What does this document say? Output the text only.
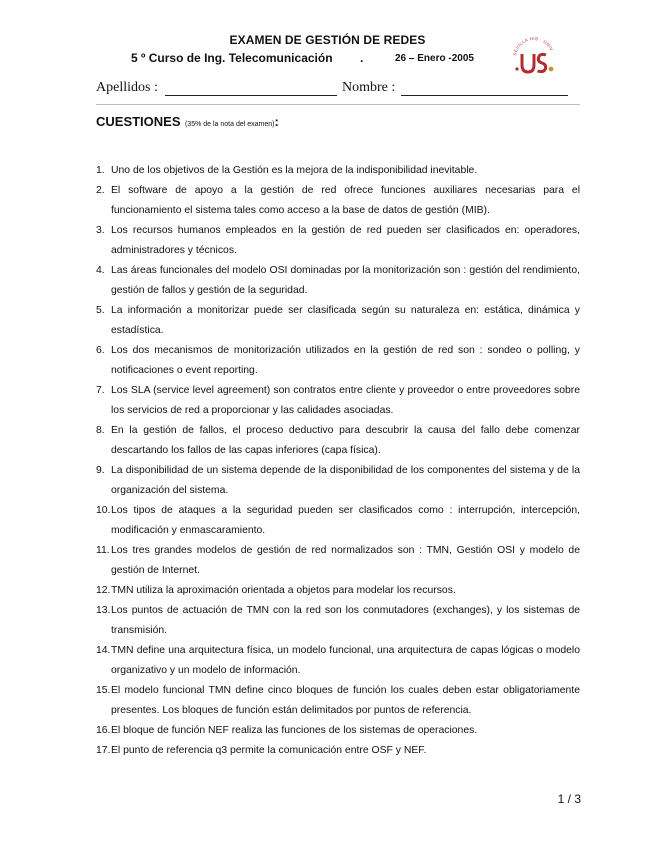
EXAMEN DE GESTIÓN DE REDES
5 º Curso de Ing. Telecomunicación .	26 – Enero -2005	SEVILLA HIS · UNIV
US
Apellidos :	Nombre :
CUESTIONES (35% de la nota del examen):
1. Uno de los objetivos de la Gestión es la mejora de la indisponibilidad inevitable.
2. El software de apoyo a la gestión de red ofrece funciones auxiliares necesarias para el funcionamiento el sistema tales como acceso a la base de datos de gestión (MIB).
3. Los recursos humanos empleados en la gestión de red pueden ser clasificados en: operadores, administradores y técnicos.
4. Las áreas funcionales del modelo OSI dominadas por la monitorización son : gestión del rendimiento, gestión de fallos y gestión de la seguridad.
5. La información a monitorizar puede ser clasificada según su naturaleza en: estática, dinámica y estadística.
6. Los dos mecanismos de monitorización utilizados en la gestión de red son : sondeo o polling, y notificaciones o event reporting.
7. Los SLA (service level agreement) son contratos entre cliente y proveedor o entre proveedores sobre los servicios de red a proporcionar y las calidades asociadas.
8. En la gestión de fallos, el proceso deductivo para descubrir la causa del fallo debe comenzar descartando los fallos de las capas inferiores (capa física).
9. La disponibilidad de un sistema depende de la disponibilidad de los componentes del sistema y de la organización del sistema.
10. Los tipos de ataques a la seguridad pueden ser clasificados como : interrupción, intercepción, modificación y enmascaramiento.
11. Los tres grandes modelos de gestión de red normalizados son : TMN, Gestión OSI y modelo de gestión de Internet.
12. TMN utiliza la aproximación orientada a objetos para modelar los recursos.
13. Los puntos de actuación de TMN con la red son los conmutadores (exchanges), y los sistemas de transmisión.
14. TMN define una arquitectura física, un modelo funcional, una arquitectura de capas lógicas o modelo organizativo y un modelo de información.
15. El modelo funcional TMN define cinco bloques de función los cuales deben estar obligatoriamente presentes. Los bloques de función están delimitados por puntos de referencia.
16. El bloque de función NEF realiza las funciones de los sistemas de operaciones.
17. El punto de referencia q3 permite la comunicación entre OSF y NEF.
1 / 3
